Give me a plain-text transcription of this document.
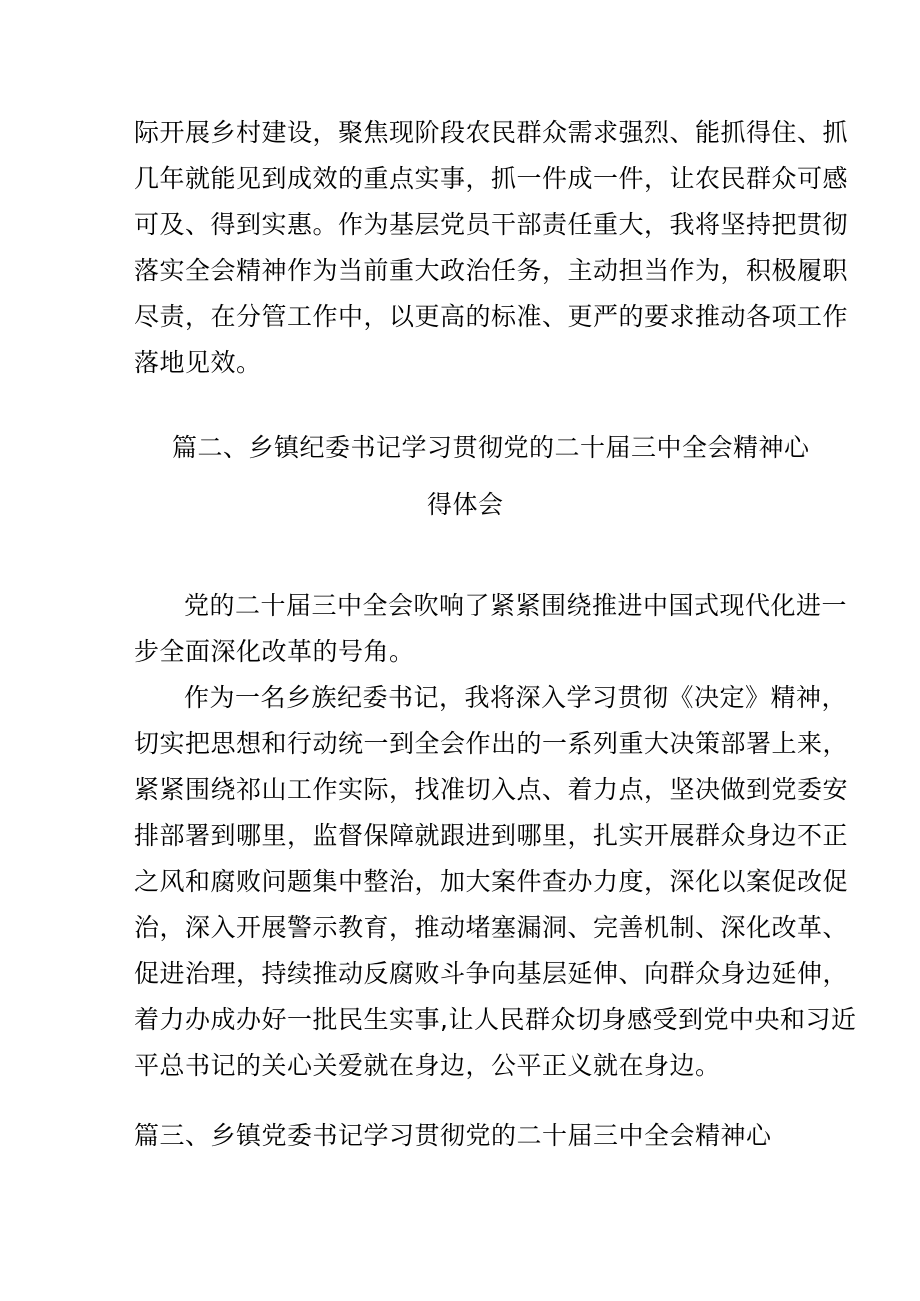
际开展乡村建设，聚焦现阶段农民群众需求强烈、能抓得住、抓
几年就能见到成效的重点实事，抓一件成一件，让农民群众可感
可及、得到实惠。作为基层党员干部责任重大，我将坚持把贯彻
落实全会精神作为当前重大政治任务，主动担当作为，积极履职
尽责，在分管工作中，以更高的标准、更严的要求推动各项工作
落地见效。
篇二、乡镇纪委书记学习贯彻党的二十届三中全会精神心
得体会
党的二十届三中全会吹响了紧紧围绕推进中国式现代化进一
步全面深化改革的号角。
作为一名乡族纪委书记，我将深入学习贯彻《决定》精神，
切实把思想和行动统一到全会作出的一系列重大决策部署上来，
紧紧围绕祁山工作实际，找准切入点、着力点，坚决做到党委安
排部署到哪里，监督保障就跟进到哪里，扎实开展群众身边不正
之风和腐败问题集中整治，加大案件查办力度，深化以案促改促
治，深入开展警示教育，推动堵塞漏洞、完善机制、深化改革、
促进治理，持续推动反腐败斗争向基层延伸、向群众身边延伸，
着力办成办好一批民生实事,让人民群众切身感受到党中央和习近
平总书记的关心关爱就在身边，公平正义就在身边。
篇三、乡镇党委书记学习贯彻党的二十届三中全会精神心
